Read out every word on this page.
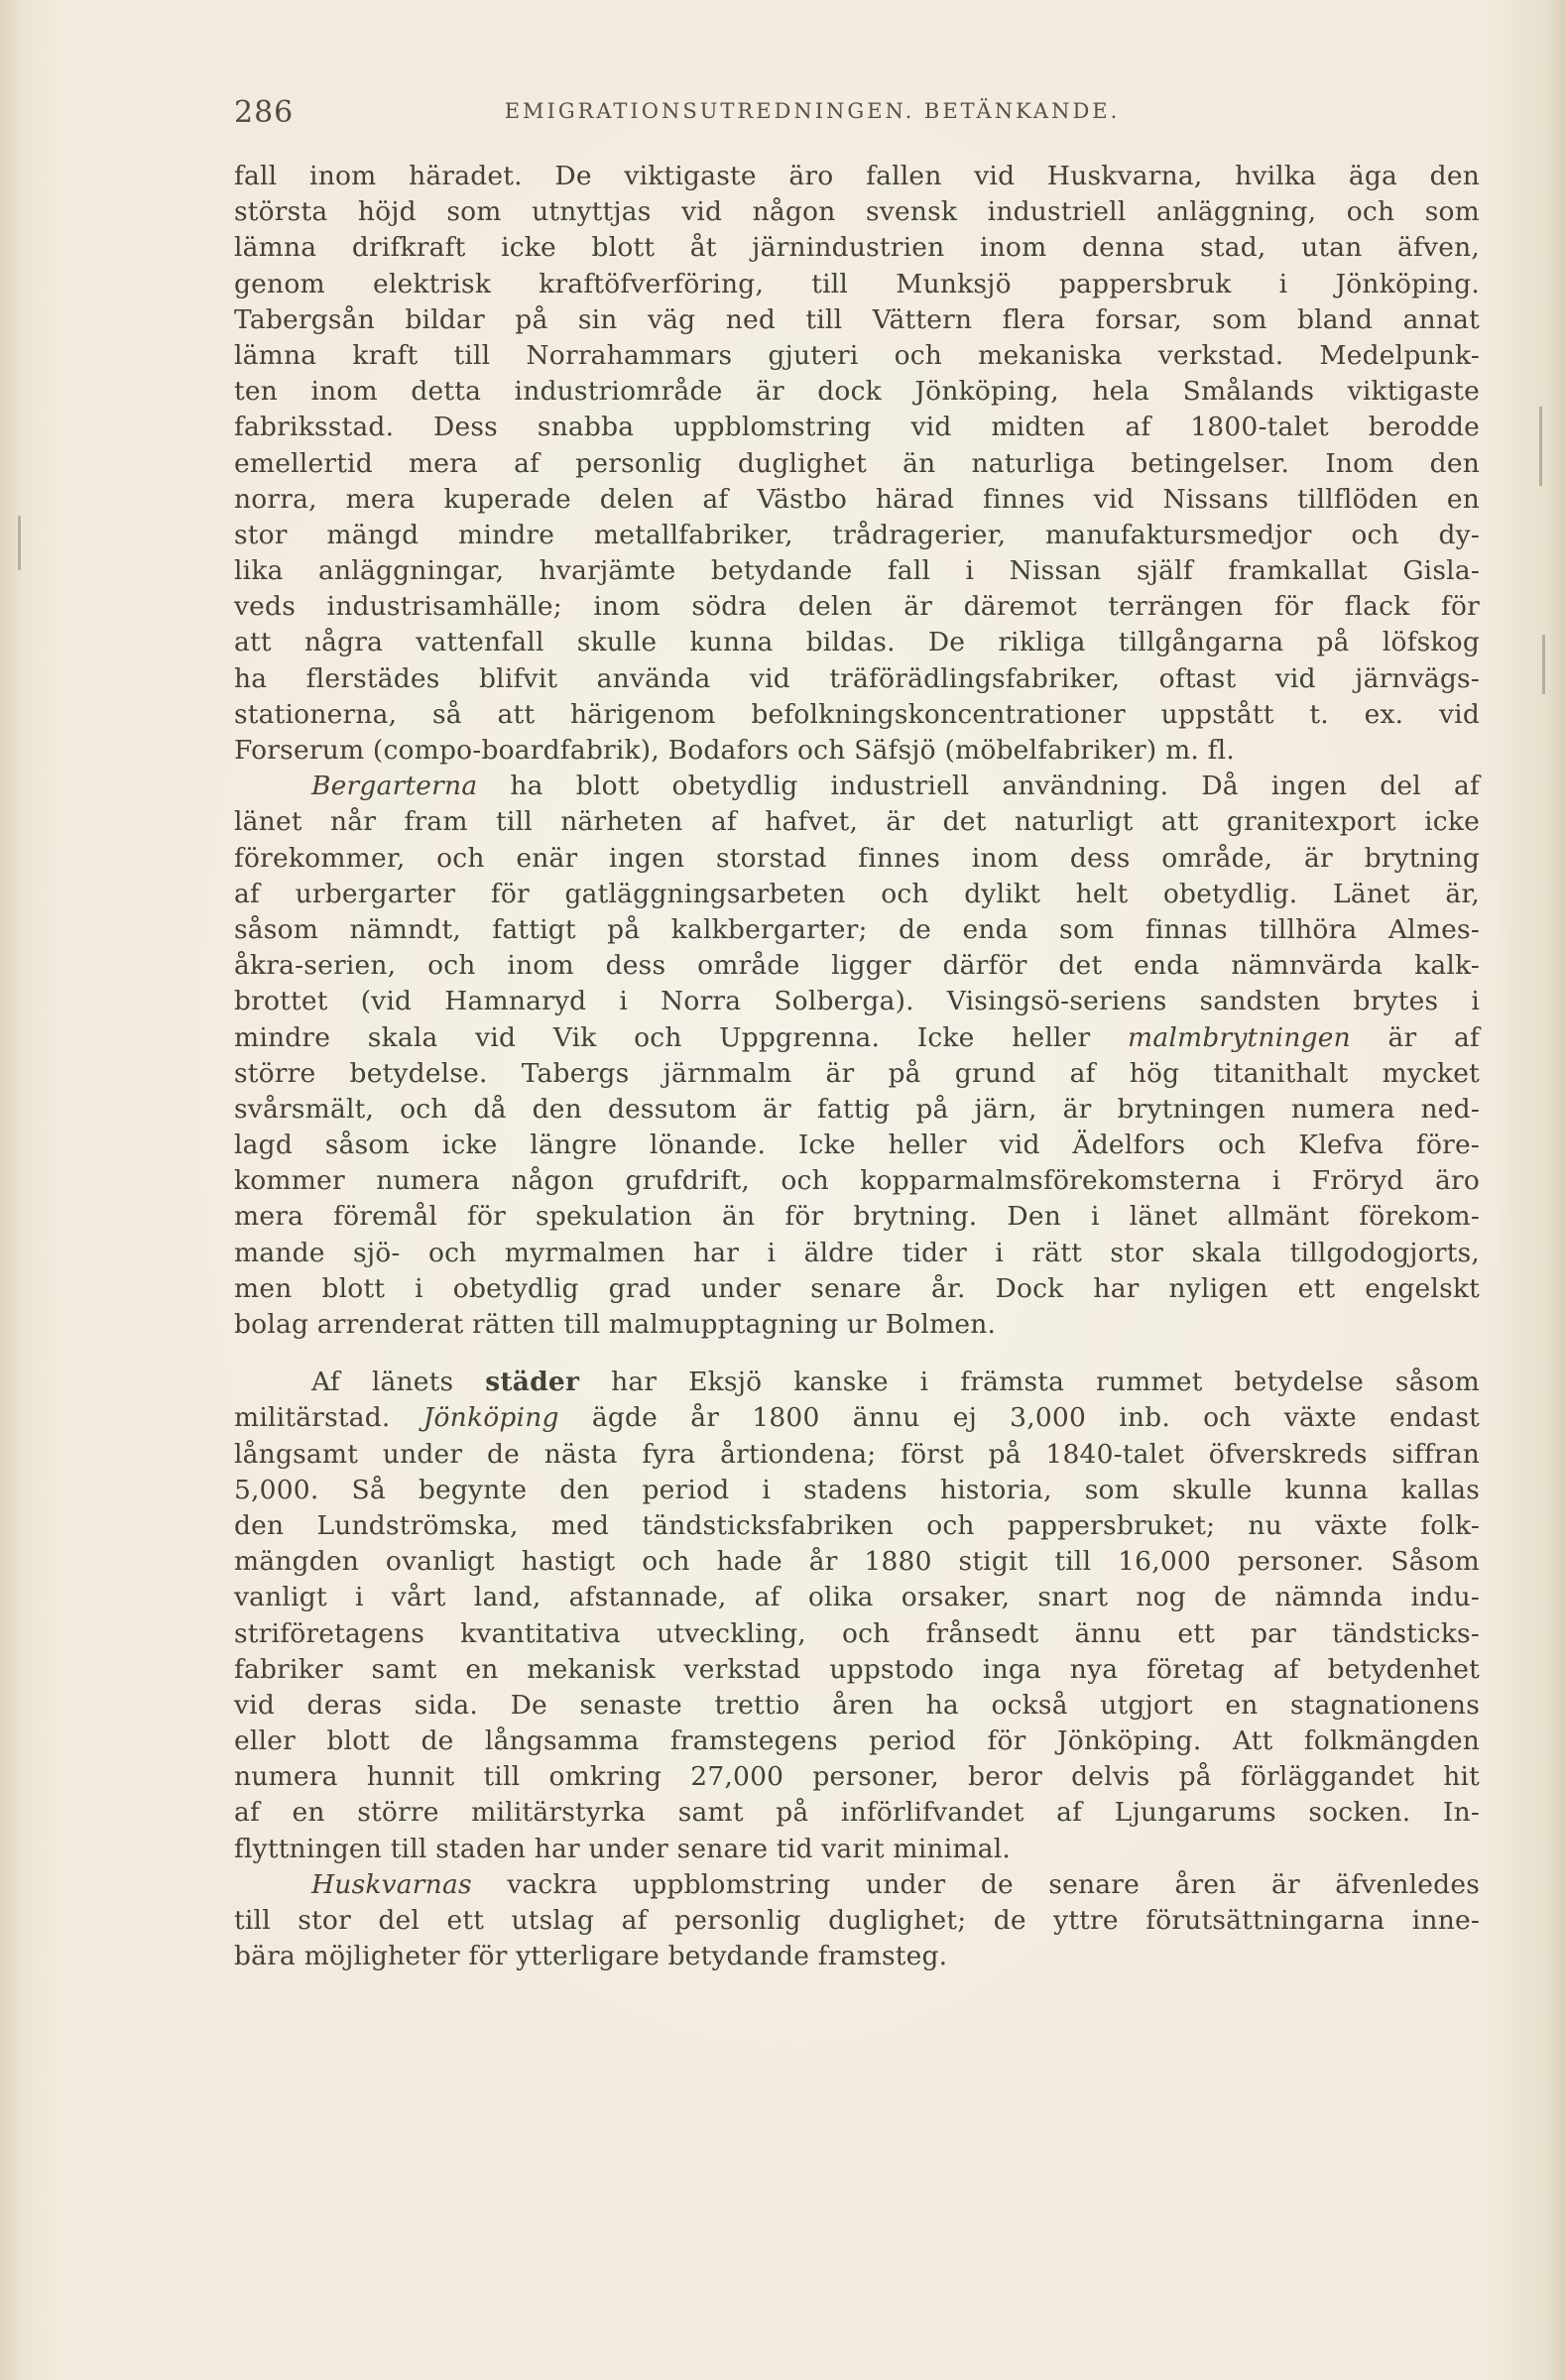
286	EMIGRATIONSUTREDNINGEN. BETÄNKANDE.
fall inom häradet. De viktigaste äro fallen vid Huskvarna, hvilka äga den
största höjd som utnyttjas vid någon svensk industriell anläggning, och som
lämna drifkraft icke blott åt järnindustrien inom denna stad, utan äfven,
genom elektrisk kraftöfverföring, till Munksjö pappersbruk i Jönköping.
Tabergsån bildar på sin väg ned till Vättern flera forsar, som bland annat
lämna kraft till Norrahammars gjuteri och mekaniska verkstad. Medelpunk-
ten inom detta industriområde är dock Jönköping, hela Smålands viktigaste
fabriksstad. Dess snabba uppblomstring vid midten af 1800-talet berodde
emellertid mera af personlig duglighet än naturliga betingelser. Inom den
norra, mera kuperade delen af Västbo härad finnes vid Nissans tillflöden en
stor mängd mindre metallfabriker, trådragerier, manufaktursmedjor och dy-
lika anläggningar, hvarjämte betydande fall i Nissan själf framkallat Gisla-
veds industrisamhälle; inom södra delen är däremot terrängen för flack för
att några vattenfall skulle kunna bildas. De rikliga tillgångarna på löfskog
ha flerstädes blifvit använda vid träförädlingsfabriker, oftast vid järnvägs-
stationerna, så att härigenom befolkningskoncentrationer uppstått t. ex. vid
Forserum (compo-boardfabrik), Bodafors och Säfsjö (möbelfabriker) m. fl.
Bergarterna ha blott obetydlig industriell användning. Då ingen del af
länet når fram till närheten af hafvet, är det naturligt att granitexport icke
förekommer, och enär ingen storstad finnes inom dess område, är brytning
af urbergarter för gatläggningsarbeten och dylikt helt obetydlig. Länet är,
såsom nämndt, fattigt på kalkbergarter; de enda som finnas tillhöra Almes-
åkra-serien, och inom dess område ligger därför det enda nämnvärda kalk-
brottet (vid Hamnaryd i Norra Solberga). Visingsö-seriens sandsten brytes i
mindre skala vid Vik och Uppgrenna. Icke heller malmbrytningen är af
större betydelse. Tabergs järnmalm är på grund af hög titanithalt mycket
svårsmält, och då den dessutom är fattig på järn, är brytningen numera ned-
lagd såsom icke längre lönande. Icke heller vid Ädelfors och Klefva före-
kommer numera någon grufdrift, och kopparmalmsförekomsterna i Fröryd äro
mera föremål för spekulation än för brytning. Den i länet allmänt förekom-
mande sjö- och myrmalmen har i äldre tider i rätt stor skala tillgodogjorts,
men blott i obetydlig grad under senare år. Dock har nyligen ett engelskt
bolag arrenderat rätten till malmupptagning ur Bolmen.
Af länets städer har Eksjö kanske i främsta rummet betydelse såsom
militärstad. Jönköping ägde år 1800 ännu ej 3,000 inb. och växte endast
långsamt under de nästa fyra årtiondena; först på 1840-talet öfverskreds siffran
5,000. Så begynte den period i stadens historia, som skulle kunna kallas
den Lundströmska, med tändsticksfabriken och pappersbruket; nu växte folk-
mängden ovanligt hastigt och hade år 1880 stigit till 16,000 personer. Såsom
vanligt i vårt land, afstannade, af olika orsaker, snart nog de nämnda indu-
striföretagens kvantitativa utveckling, och frånsedt ännu ett par tändsticks-
fabriker samt en mekanisk verkstad uppstodo inga nya företag af betydenhet
vid deras sida. De senaste trettio åren ha också utgjort en stagnationens
eller blott de långsamma framstegens period för Jönköping. Att folkmängden
numera hunnit till omkring 27,000 personer, beror delvis på förläggandet hit
af en större militärstyrka samt på införlifvandet af Ljungarums socken. In-
flyttningen till staden har under senare tid varit minimal.
Huskvarnas vackra uppblomstring under de senare åren är äfvenledes
till stor del ett utslag af personlig duglighet; de yttre förutsättningarna inne-
bära möjligheter för ytterligare betydande framsteg.
